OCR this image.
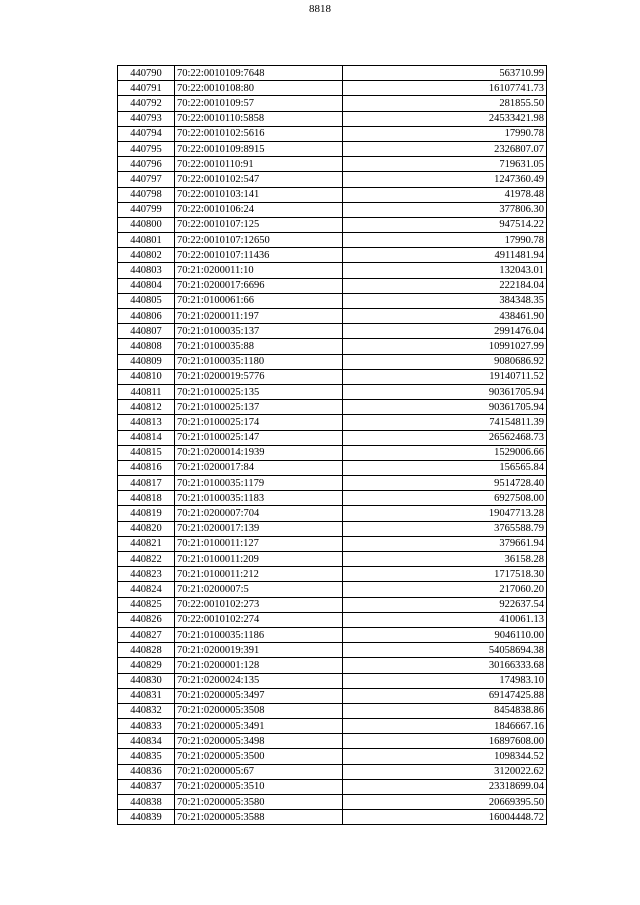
8818
440790	70:22:0010109:7648	563710.99
440791	70:22:0010108:80	16107741.73
440792	70:22:0010109:57	281855.50
440793	70:22:0010110:5858	24533421.98
440794	70:22:0010102:5616	17990.78
440795	70:22:0010109:8915	2326807.07
440796	70:22:0010110:91	719631.05
440797	70:22:0010102:547	1247360.49
440798	70:22:0010103:141	41978.48
440799	70:22:0010106:24	377806.30
440800	70:22:0010107:125	947514.22
440801	70:22:0010107:12650	17990.78
440802	70:22:0010107:11436	4911481.94
440803	70:21:0200011:10	132043.01
440804	70:21:0200017:6696	222184.04
440805	70:21:0100061:66	384348.35
440806	70:21:0200011:197	438461.90
440807	70:21:0100035:137	2991476.04
440808	70:21:0100035:88	10991027.99
440809	70:21:0100035:1180	9080686.92
440810	70:21:0200019:5776	19140711.52
440811	70:21:0100025:135	90361705.94
440812	70:21:0100025:137	90361705.94
440813	70:21:0100025:174	74154811.39
440814	70:21:0100025:147	26562468.73
440815	70:21:0200014:1939	1529006.66
440816	70:21:0200017:84	156565.84
440817	70:21:0100035:1179	9514728.40
440818	70:21:0100035:1183	6927508.00
440819	70:21:0200007:704	19047713.28
440820	70:21:0200017:139	3765588.79
440821	70:21:0100011:127	379661.94
440822	70:21:0100011:209	36158.28
440823	70:21:0100011:212	1717518.30
440824	70:21:0200007:5	217060.20
440825	70:22:0010102:273	922637.54
440826	70:22:0010102:274	410061.13
440827	70:21:0100035:1186	9046110.00
440828	70:21:0200019:391	54058694.38
440829	70:21:0200001:128	30166333.68
440830	70:21:0200024:135	174983.10
440831	70:21:0200005:3497	69147425.88
440832	70:21:0200005:3508	8454838.86
440833	70:21:0200005:3491	1846667.16
440834	70:21:0200005:3498	16897608.00
440835	70:21:0200005:3500	1098344.52
440836	70:21:0200005:67	3120022.62
440837	70:21:0200005:3510	23318699.04
440838	70:21:0200005:3580	20669395.50
440839	70:21:0200005:3588	16004448.72
